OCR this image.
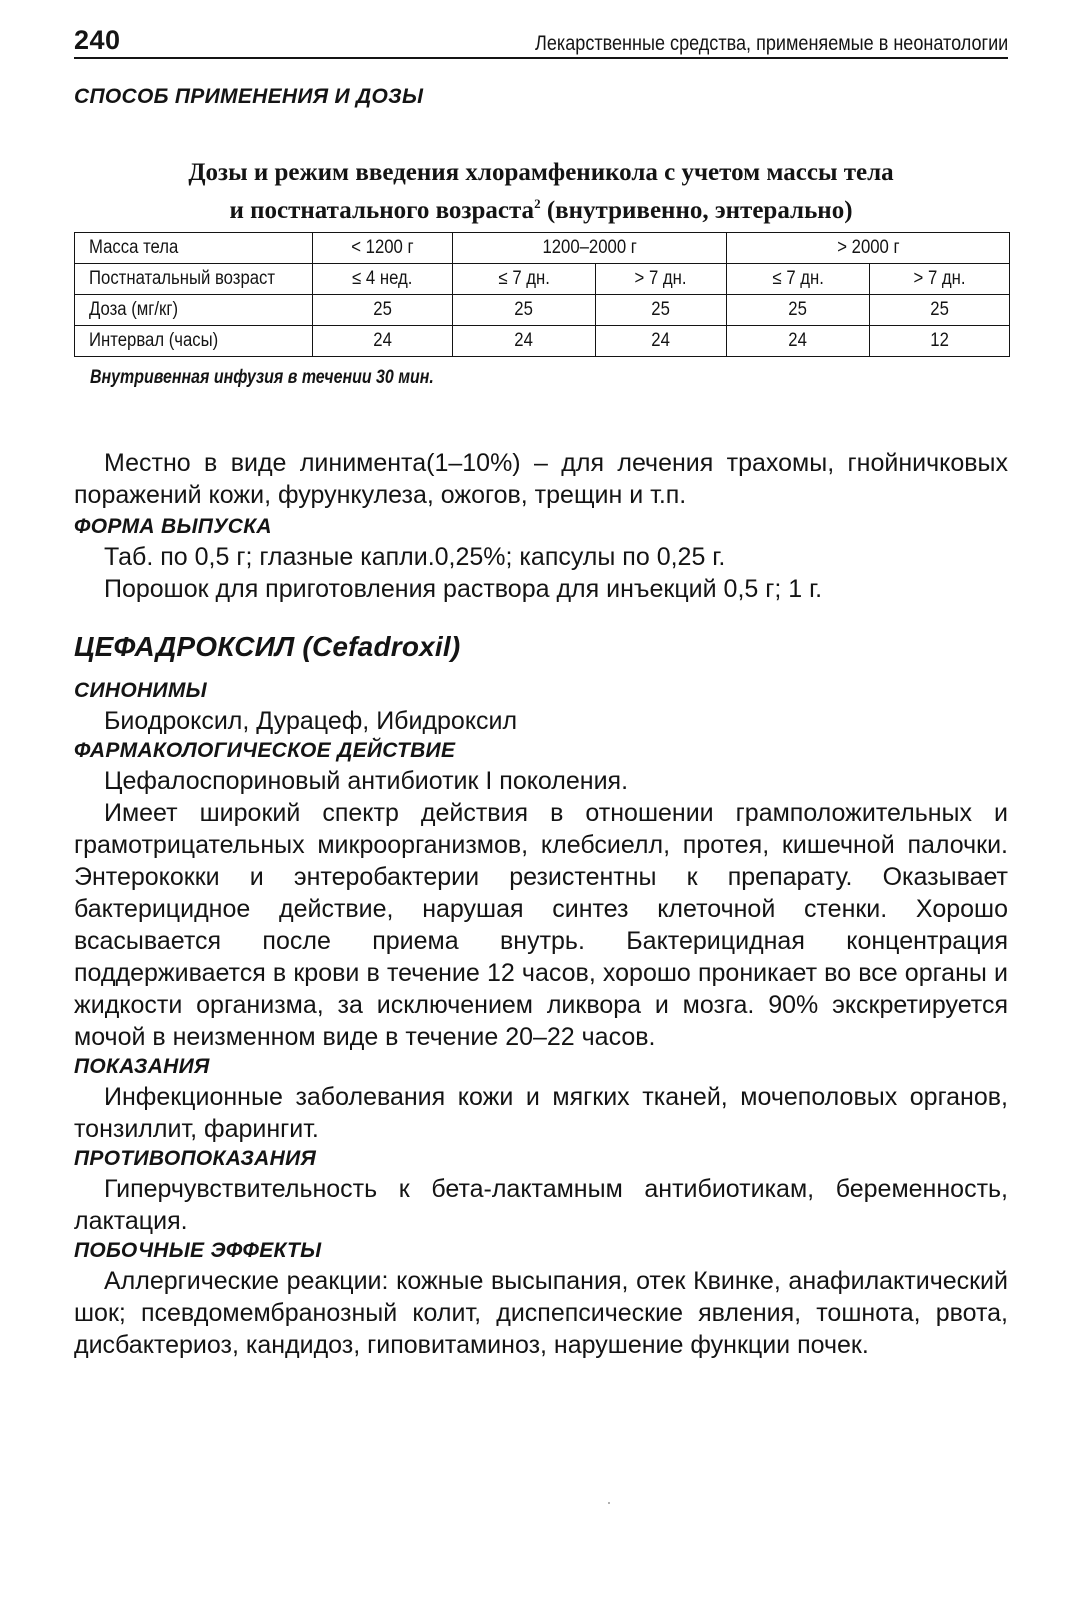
240	Лекарственные средства, применяемые в неонатологии
СПОСОБ ПРИМЕНЕНИЯ И ДОЗЫ
Дозы и режим введения хлорамфеникола с учетом массы тела
и постнатального возраста$^2$ (внутривенно, энтерально)
Масса тела	< 1200 г	1200–2000 г		> 2000 г	
Постнатальный возраст	≤ 4 нед.	≤ 7 дн.	> 7 дн.	≤ 7 дн.	> 7 дн.
Доза (мг/кг)	25	25	25	25	25
Интервал (часы)	24	24	24	24	12
Внутривенная инфузия в течении 30 мин.

Местно в виде линимента(1–10%) – для лечения трахомы, гнойничковых поражений кожи, фурункулеза, ожогов, трещин и т.п.

ФОРМА ВЫПУСКА

Таб. по 0,5 г; глазные капли.0,25%; капсулы по 0,25 г.

Порошок для приготовления раствора для инъекций 0,5 г; 1 г.

ЦЕФАДРОКСИЛ (Cefadroxil)
СИНОНИМЫ

Биодроксил, Дурацеф, Ибидроксил

ФАРМАКОЛОГИЧЕСКОЕ ДЕЙСТВИЕ

Цефалоспориновый антибиотик I поколения.

Имеет широкий спектр действия в отношении грамположительных и грамотрицательных микроорганизмов, клебсиелл, протея, кишечной палочки. Энтерококки и энтеробактерии резистентны к препарату. Оказывает бактерицидное действие, нарушая синтез клеточной стенки. Хорошо всасывается после приема внутрь. Бактерицидная концентрация поддерживается в крови в течение 12 часов, хорошо проникает во все органы и жидкости организма, за исключением ликвора и мозга. 90% экскретируется мочой в неизменном виде в течение 20–22 часов.

ПОКАЗАНИЯ

Инфекционные заболевания кожи и мягких тканей, мочеполовых органов, тонзиллит, фарингит.

ПРОТИВОПОКАЗАНИЯ

Гиперчувствительность к бета-лактамным антибиотикам, беременность, лактация.

ПОБОЧНЫЕ ЭФФЕКТЫ

Аллергические реакции: кожные высыпания, отек Квинке, анафилактический шок; псевдомембранозный колит, диспепсические явления, тошнота, рвота, дисбактериоз, кандидоз, гиповитаминоз, нарушение функции почек.
